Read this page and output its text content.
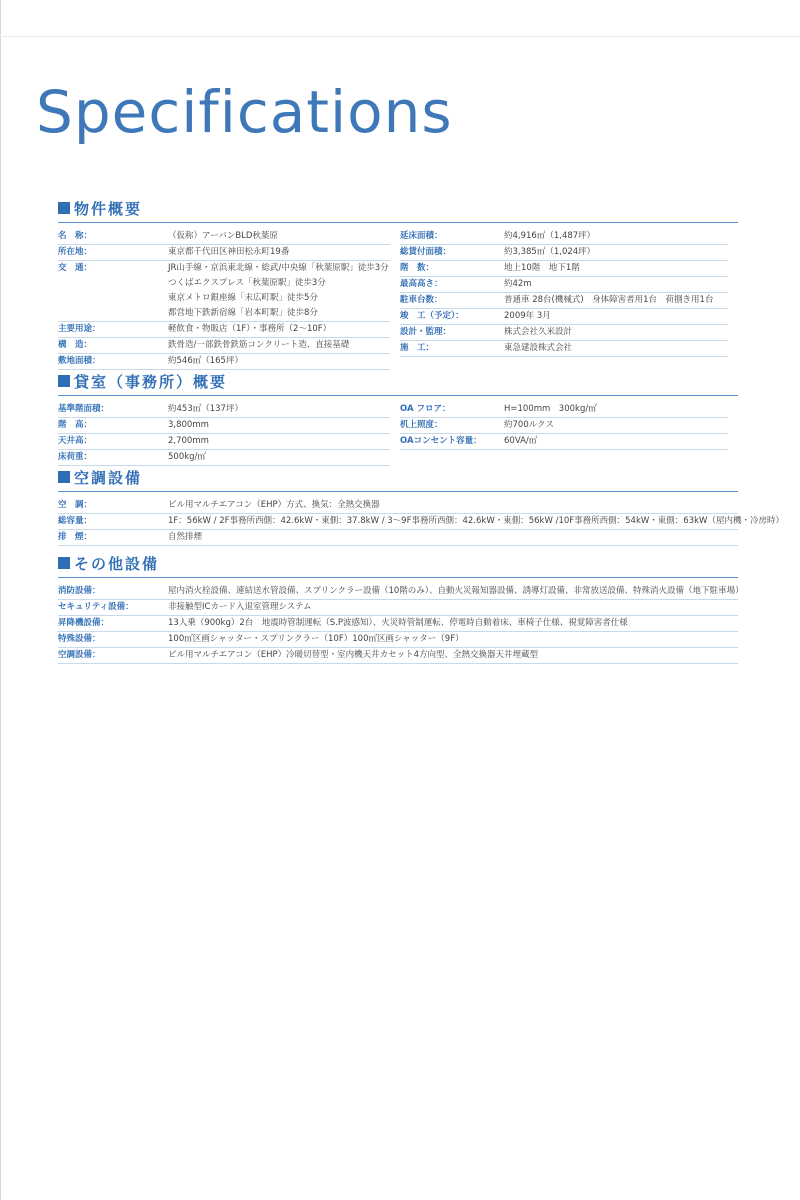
Specifications
物件概要
名　称：	（仮称）アーバンBLD秋葉原
所在地：	東京都千代田区神田松永町19番
交　通：	JR山手線・京浜東北線・総武/中央線「秋葉原駅」徒歩3分
つくばエクスプレス「秋葉原駅」徒歩3分
東京メトロ銀座線「末広町駅」徒歩5分
都営地下鉄新宿線「岩本町駅」徒歩8分
主要用途：	軽飲食・物販店（1F）・事務所（2〜10F）
構　造：	鉄骨造/一部鉄骨鉄筋コンクリート造、直接基礎
敷地面積：	約546㎡（165坪）
延床面積：	約4,916㎡（1,487坪）
総賃付面積：	約3,385㎡（1,024坪）
階　数：	地上10階　地下1階
最高高さ：	約42m
駐車台数：	普通車 28台(機械式)　身体障害者用1台　荷捌き用1台
竣　工（予定）：	2009年 3月
設計・監理：	株式会社久米設計
施　工：	東急建設株式会社
貸室（事務所）概要
基準階面積：	約453㎡（137坪）
階　高：	3,800mm
天井高：	2,700mm
床荷重：	500kg/㎡
OA フロア：	H=100mm　300kg/㎡
机上照度：	約700ルクス
OAコンセント容量：	60VA/㎡
空調設備
空　調：	ビル用マルチエアコン（EHP）方式、換気：全熱交換器
総容量：	1F：56kW / 2F事務所西側：42.6kW・東側：37.8kW / 3〜9F事務所西側：42.6kW・東側：56kW /10F事務所西側：54kW・東側：63kW（屋内機・冷房時）
排　煙：	自然排煙
その他設備
消防設備：	屋内消火栓設備、連結送水管設備、スプリンクラー設備（10階のみ）、自動火災報知器設備、誘導灯設備、非常放送設備、特殊消火設備（地下駐車場）
セキュリティ設備：	非接触型ICカード入退室管理システム
昇降機設備：	13人乗（900kg）2台　地震時管制運転（S.P波感知）、火災時管制運転、停電時自動着床、車椅子仕様、視覚障害者仕様
特殊設備：	100㎡区画シャッター・スプリンクラー（10F）100㎡区画シャッター（9F）
空調設備：	ビル用マルチエアコン（EHP）冷暖切替型・室内機天井カセット4方向型、全熱交換器天井埋蔵型
